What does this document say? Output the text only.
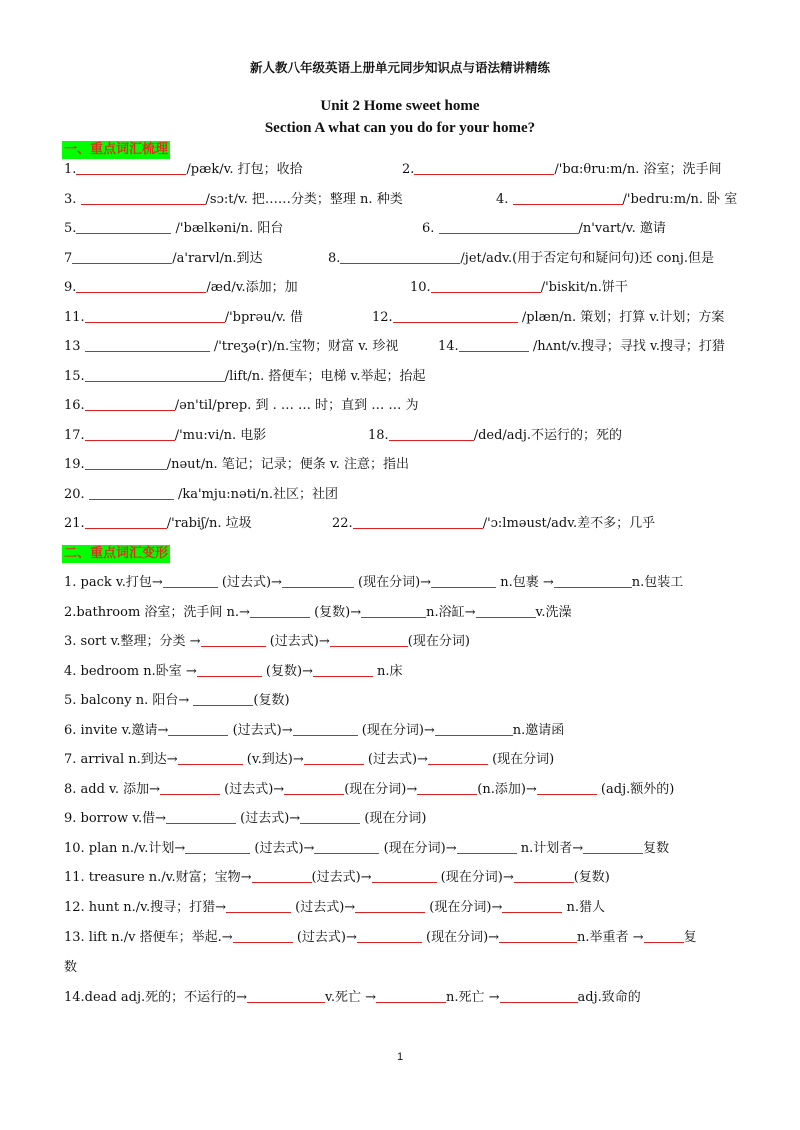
新人教八年级英语上册单元同步知识点与语法精讲精练
Unit 2 Home sweet home
Section A what can you do for your home?
一、重点词汇梳理
1.	/pæk/v. 打包；收拾	2.	/'bɑ:θru:m/n. 浴室；洗手间
3.	/sɔ:t/v. 把……分类；整理 n. 种类	4.	/'bedru:m/n. 卧 室
5.	/'bælkəni/n. 阳台	6.	/n'vart/v. 邀请
7	/a'rarvl/n.到达	8.	/jet/adv.(用于否定句和疑问句)还 conj.但是
9.	/æd/v.添加；加	10.	/'biskit/n.饼干
11.	/'bprəu/v. 借	12.	/plæn/n. 策划；打算 v.计划；方案
13	/'treʒə(r)/n.宝物；财富 v. 珍视	14.	/hʌnt/v.搜寻；寻找 v.搜寻；打猎
15.	/lift/n. 搭便车；电梯 v.举起；抬起
16.	/ən'til/prep. 到 . … … 时；直到 … … 为
17.	/'mu:vi/n. 电影	18.	/ded/adj.不运行的；死的
19.	/nəut/n. 笔记；记录；便条 v. 注意；指出
20.	/ka'mju:nəti/n.社区；社团
21.	/'rabiʃ/n. 垃圾	22.	/'ɔ:lməust/adv.差不多；几乎
二、重点词汇变形
1. pack v.打包→	(过去式)→	(现在分词)→	n.包裹 →	n.包装工
2.bathroom 浴室；洗手间 n.→	(复数)→	n.浴缸→	v.洗澡
3. sort v.整理；分类 →	(过去式)→	(现在分词)
4. bedroom n.卧室 →	(复数)→	n.床
5. balcony n. 阳台→	(复数)
6. invite v.邀请→	(过去式)→	(现在分词)→	n.邀请函
7. arrival n.到达→	(v.到达)→	(过去式)→	(现在分词)
8. add v. 添加→	(过去式)→	(现在分词)→	(n.添加)→	(adj.额外的)
9. borrow v.借→	(过去式)→	(现在分词)
10. plan n./v.计划→	(过去式)→	(现在分词)→	n.计划者→	复数
11. treasure n./v.财富；宝物→	(过去式)→	(现在分词)→	(复数)
12. hunt n./v.搜寻；打猎→	(过去式)→	(现在分词)→	n.猎人
13. lift n./v 搭便车；举起.→	(过去式)→	(现在分词)→	n.举重者 →	复
数
14.dead adj.死的；不运行的→	v.死亡 →	n.死亡 →	adj.致命的
1
